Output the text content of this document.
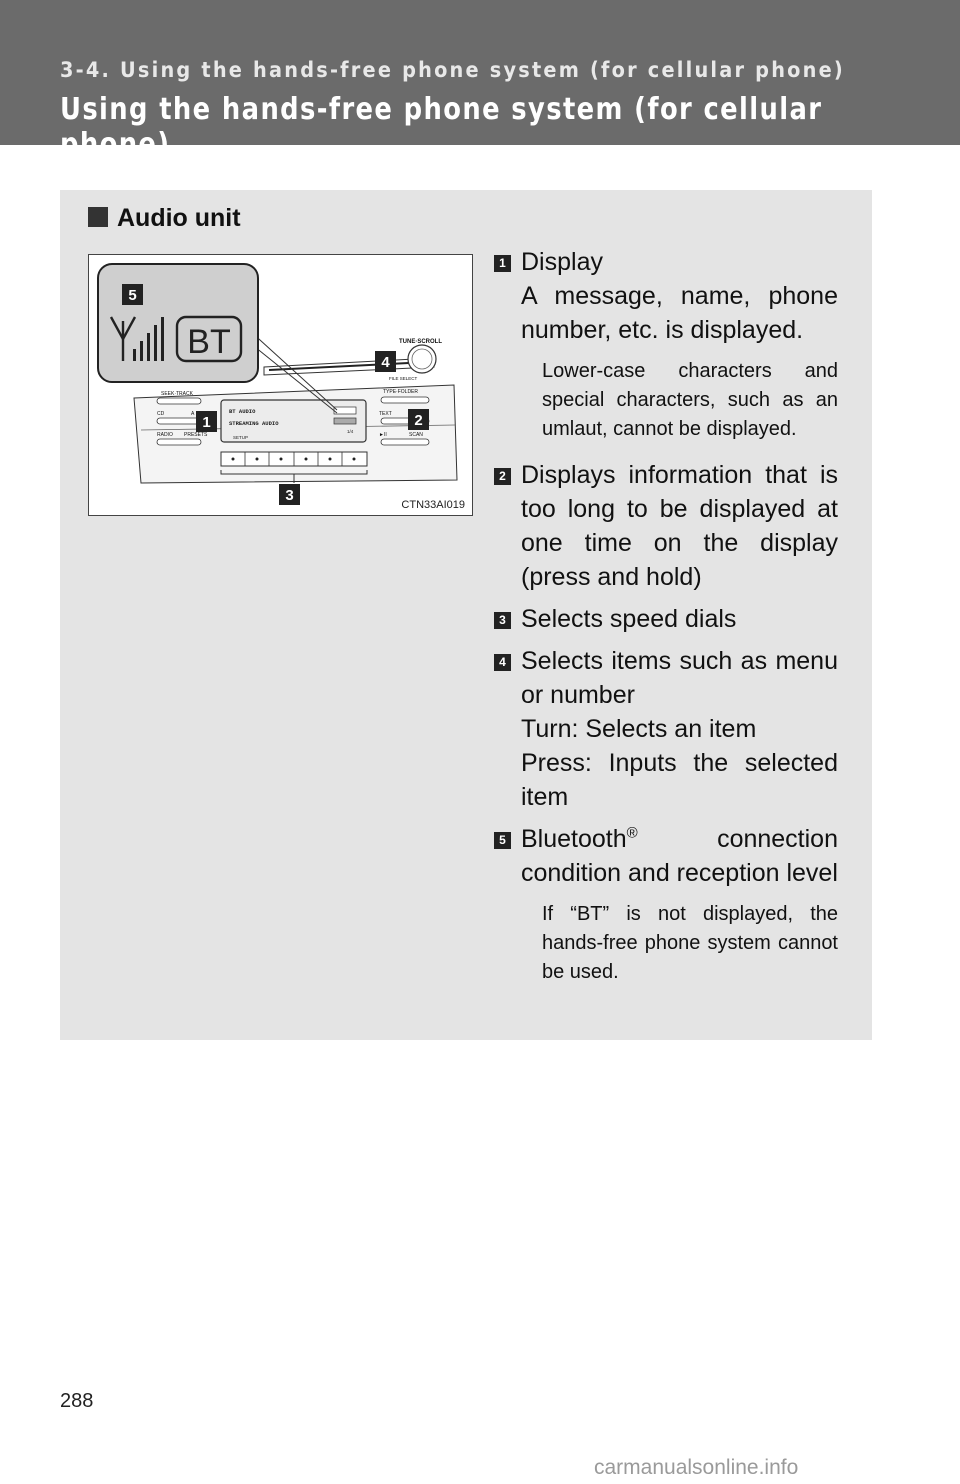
3-4. Using the hands-free phone system (for cellular phone)
Using the hands-free phone system (for cellular phone)
Audio unit
TUNE·SCROLL
FILE SELECT
BT AUDIO
STREAMING AUDIO
SETUP
1/4
SEEK·TRACK
CD	A
RADIO PRESETS
TYPE·FOLDER
TEXT
►II	SCAN
BT
5
4
1	2
3
CTN33AI019
1 Display
A message, name, phone number, etc. is displayed.
Lower-case characters and special characters, such as an umlaut, cannot be displayed.
2 Displays information that is too long to be displayed at one time on the display (press and hold)
3 Selects speed dials
4 Selects items such as menu or number
Turn: Selects an item
Press: Inputs the selected item
5 Bluetooth® connection condition and reception level
If “BT” is not displayed, the hands-free phone system cannot be used.
288
carmanualsonline.info
